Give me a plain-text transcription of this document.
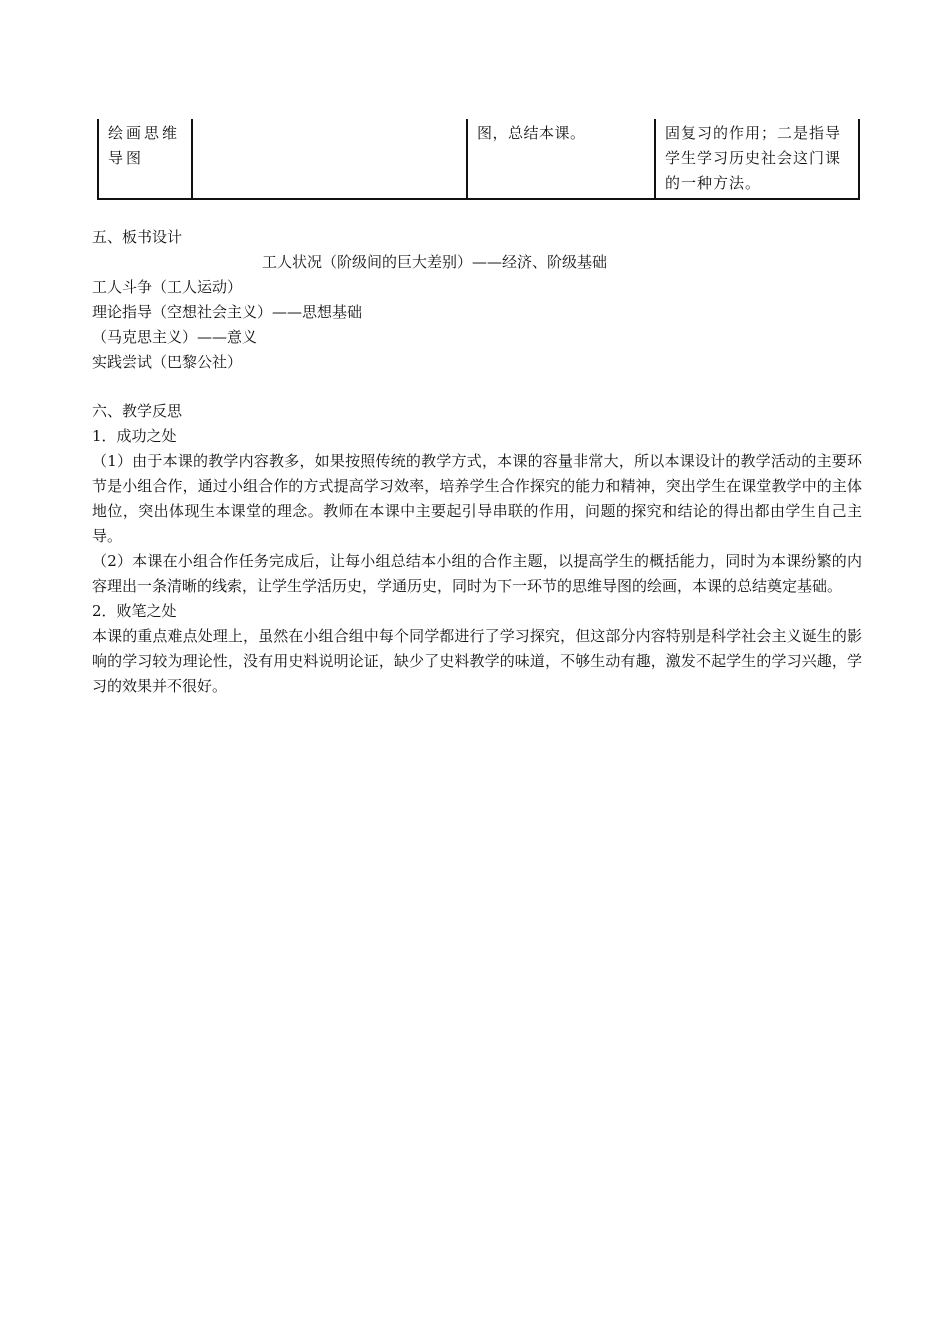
绘画思维导图		图，总结本课。	固复习的作用；二是指导学生学习历史社会这门课的一种方法。
五、板书设计
工人状况（阶级间的巨大差别）——经济、阶级基础
工人斗争（工人运动）
理论指导（空想社会主义）——思想基础
（马克思主义）——意义
实践尝试（巴黎公社）
六、教学反思
1．成功之处
（1）由于本课的教学内容教多，如果按照传统的教学方式，本课的容量非常大，所以本课设计的教学活动的主要环节是小组合作，通过小组合作的方式提高学习效率，培养学生合作探究的能力和精神，突出学生在课堂教学中的主体地位，突出体现生本课堂的理念。教师在本课中主要起引导串联的作用，问题的探究和结论的得出都由学生自己主导。
（2）本课在小组合作任务完成后，让每小组总结本小组的合作主题，以提高学生的概括能力，同时为本课纷繁的内容理出一条清晰的线索，让学生学活历史，学通历史，同时为下一环节的思维导图的绘画，本课的总结奠定基础。
2．败笔之处
本课的重点难点处理上，虽然在小组合组中每个同学都进行了学习探究，但这部分内容特别是科学社会主义诞生的影响的学习较为理论性，没有用史料说明论证，缺少了史料教学的味道，不够生动有趣，激发不起学生的学习兴趣，学习的效果并不很好。
